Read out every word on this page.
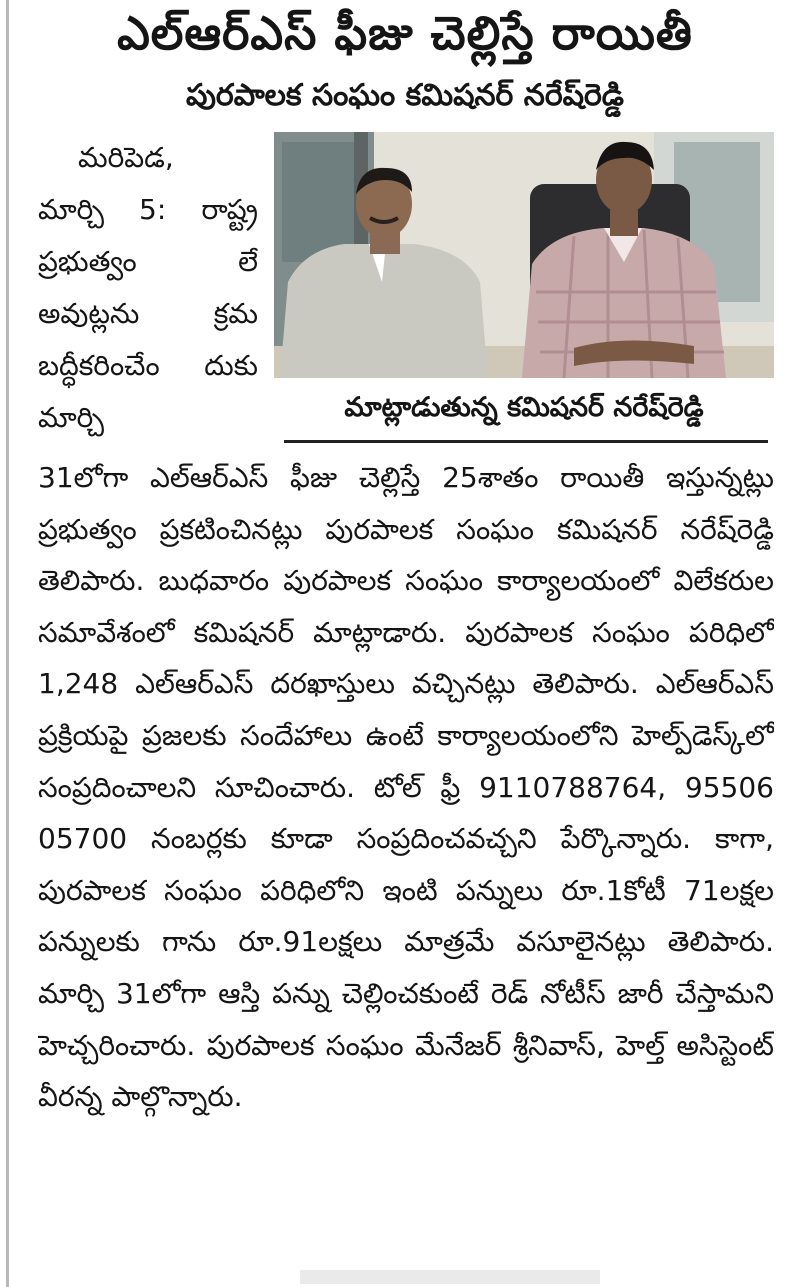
ఎల్‌ఆర్‌ఎస్‌ ఫీజు చెల్లిస్తే రాయితీ
పురపాలక సంఘం కమిషనర్‌ నరేష్‌రెడ్డి
మరిపెడ,
మార్చి 5: రాష్ట్ర ప్రభుత్వం లే అవుట్లను క్రమ బద్ధీకరించేం దుకు మార్చి	మాట్లాడుతున్న కమిషనర్‌ నరేష్‌రెడ్డి
31లోగా ఎల్‌ఆర్‌ఎస్‌ ఫీజు చెల్లిస్తే 25శాతం రాయితీ ఇస్తున్నట్లు ప్రభుత్వం ప్రకటించినట్లు పురపాలక సంఘం కమిషనర్‌ నరేష్‌రెడ్డి తెలిపారు. బుధవారం పురపాలక సంఘం కార్యాలయంలో విలేకరుల సమావేశంలో కమిషనర్‌ మాట్లాడారు. పురపాలక సంఘం పరిధిలో 1,248 ఎల్‌ఆర్‌ఎస్‌ దరఖాస్తులు వచ్చినట్లు తెలిపారు. ఎల్‌ఆర్‌ఎస్‌ ప్రక్రియపై ప్రజలకు సందేహాలు ఉంటే కార్యాలయంలోని హెల్ప్‌డెస్క్‌లో సంప్రదించాలని సూచించారు. టోల్‌ ఫ్రీ 9110788764, 95506 05700 నంబర్లకు కూడా సంప్రదించవచ్చని పేర్కొన్నారు. కాగా, పురపాలక సంఘం పరిధిలోని ఇంటి పన్నులు రూ.1కోటీ 71లక్షల పన్నులకు గాను రూ.91లక్షలు మాత్రమే వసూలైనట్లు తెలిపారు. మార్చి 31లోగా ఆస్తి పన్ను చెల్లించకుంటే రెడ్‌ నోటీస్‌ జారీ చేస్తామని హెచ్చరించారు. పురపాలక సంఘం మేనేజర్‌ శ్రీనివాస్‌, హెల్త్‌ అసిస్టెంట్‌ వీరన్న పాల్గొన్నారు.
